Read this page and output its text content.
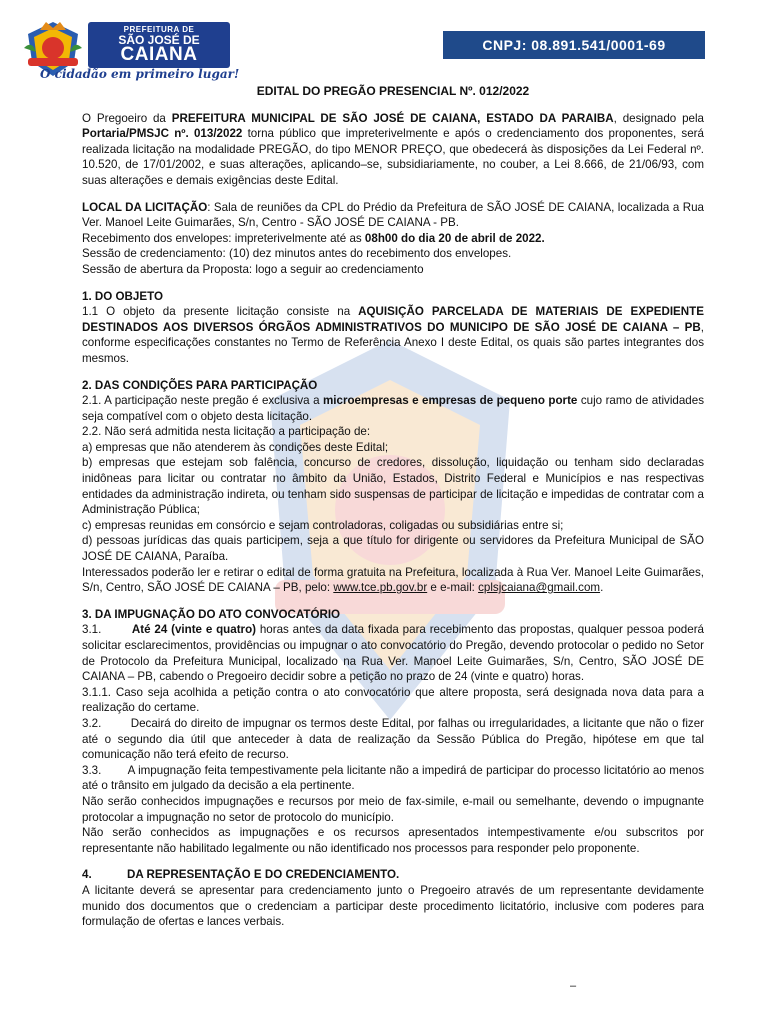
PREFEITURA DE
SÃO JOSÉ DE
CAIANA
O cidadão em primeiro lugar!
CNPJ: 08.891.541/0001-69
EDITAL DO PREGÃO PRESENCIAL Nº. 012/2022

O Pregoeiro da PREFEITURA MUNICIPAL DE SÃO JOSÉ DE CAIANA, ESTADO DA PARAIBA, designado pela Portaria/PMSJC nº. 013/2022 torna público que impreterivelmente e após o credenciamento dos proponentes, será realizada licitação na modalidade PREGÃO, do tipo MENOR PREÇO, que obedecerá às disposições da Lei Federal nº. 10.520, de 17/01/2002, e suas alterações, aplicando–se, subsidiariamente, no couber, a Lei 8.666, de 21/06/93, com suas alterações e demais exigências deste Edital.

LOCAL DA LICITAÇÃO: Sala de reuniões da CPL do Prédio da Prefeitura de SÃO JOSÉ DE CAIANA, localizada a Rua Ver. Manoel Leite Guimarães, S/n, Centro - SÃO JOSÉ DE CAIANA - PB.

Recebimento dos envelopes: impreterivelmente até as 08h00 do dia 20 de abril de 2022.

Sessão de credenciamento: (10) dez minutos antes do recebimento dos envelopes.

Sessão de abertura da Proposta: logo a seguir ao credenciamento

1. DO OBJETO

1.1 O objeto da presente licitação consiste na AQUISIÇÃO PARCELADA DE MATERIAIS DE EXPEDIENTE DESTINADOS AOS DIVERSOS ÓRGÃOS ADMINISTRATIVOS DO MUNICIPO DE SÃO JOSÉ DE CAIANA – PB, conforme especificações constantes no Termo de Referência Anexo I deste Edital, os quais são partes integrantes dos mesmos.

2. DAS CONDIÇÕES PARA PARTICIPAÇÃO

2.1. A participação neste pregão é exclusiva a microempresas e empresas de pequeno porte cujo ramo de atividades seja compatível com o objeto desta licitação.

2.2. Não será admitida nesta licitação a participação de:

a) empresas que não atenderem às condições deste Edital;

b) empresas que estejam sob falência, concurso de credores, dissolução, liquidação ou tenham sido declaradas inidôneas para licitar ou contratar no âmbito da União, Estados, Distrito Federal e Municípios e nas respectivas entidades da administração indireta, ou tenham sido suspensas de participar de licitação e impedidas de contratar com a Administração Pública;

c) empresas reunidas em consórcio e sejam controladoras, coligadas ou subsidiárias entre si;

d) pessoas jurídicas das quais participem, seja a que título for dirigente ou servidores da Prefeitura Municipal de SÃO JOSÉ DE CAIANA, Paraíba.

Interessados poderão ler e retirar o edital de forma gratuita na Prefeitura, localizada à Rua Ver. Manoel Leite Guimarães, S/n, Centro, SÃO JOSÉ DE CAIANA – PB, pelo: www.tce.pb.gov.br e e-mail: cplsjcaiana@gmail.com.

3. DA IMPUGNAÇÃO DO ATO CONVOCATÓRIO

3.1.        Até 24 (vinte e quatro) horas antes da data fixada para recebimento das propostas, qualquer pessoa poderá solicitar esclarecimentos, providências ou impugnar o ato convocatório do Pregão, devendo protocolar o pedido no Setor de Protocolo da Prefeitura Municipal, localizado na Rua Ver. Manoel Leite Guimarães, S/n, Centro, SÃO JOSÉ DE CAIANA – PB, cabendo o Pregoeiro decidir sobre a petição no prazo de 24 (vinte e quatro) horas.

3.1.1. Caso seja acolhida a petição contra o ato convocatório que altere proposta, será designada nova data para a realização do certame.

3.2.        Decairá do direito de impugnar os termos deste Edital, por falhas ou irregularidades, a licitante que não o fizer até o segundo dia útil que anteceder à data de realização da Sessão Pública do Pregão, hipótese em que tal comunicação não terá efeito de recurso.

3.3.        A impugnação feita tempestivamente pela licitante não a impedirá de participar do processo licitatório ao menos até o trânsito em julgado da decisão a ela pertinente.

Não serão conhecidos impugnações e recursos por meio de fax-simile, e-mail ou semelhante, devendo o impugnante protocolar a impugnação no setor de protocolo do município.

Não serão conhecidos as impugnações e os recursos apresentados intempestivamente e/ou subscritos por representante não habilitado legalmente ou não identificado nos processos para responder pelo proponente.

4.	DA REPRESENTAÇÃO E DO CREDENCIAMENTO.

A licitante deverá se apresentar para credenciamento junto o Pregoeiro através de um representante devidamente munido dos documentos que o credenciam a participar deste procedimento licitatório, inclusive com poderes para formulação de ofertas e lances verbais.

–
